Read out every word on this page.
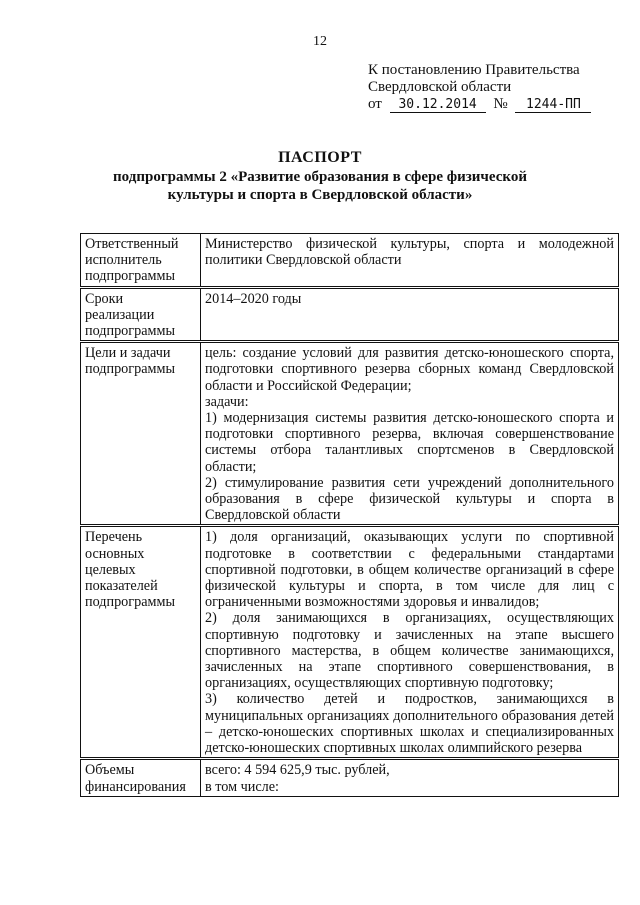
12
К постановлению Правительства
Свердловской области
от 30.12.2014 № 1244-ПП
ПАСПОРТ
подпрограммы 2 «Развитие образования в сфере физической
культуры и спорта в Свердловской области»
Ответственный исполнитель подпрограммы	Министерство физической культуры, спорта и молодежной политики Свердловской области

Сроки реализации подпрограммы	2014–2020 годы

Цели и задачи подпрограммы	цель: создание условий для развития детско-юношеского спорта, подготовки спортивного резерва сборных команд Свердловской области и Российской Федерации;

задачи:

1) модернизация системы развития детско-юношеского спорта и подготовки спортивного резерва, включая совершенствование системы отбора талантливых спортсменов в Свердловской области;

2) стимулирование развития сети учреждений дополнительного образования в сфере физической культуры и спорта в Свердловской области

Перечень основных целевых показателей подпрограммы	1) доля организаций, оказывающих услуги по спортивной подготовке в соответствии с федеральными стандартами спортивной подготовки, в общем количестве организаций в сфере физической культуры и спорта, в том числе для лиц с ограниченными возможностями здоровья и инвалидов;

2) доля занимающихся в организациях, осуществляющих спортивную подготовку и зачисленных на этапе высшего спортивного мастерства, в общем количестве занимающихся, зачисленных на этапе спортивного совершенствования, в организациях, осуществляющих спортивную подготовку;

3) количество детей и подростков, занимающихся в муниципальных организациях дополнительного образования детей – детско-юношеских спортивных школах и специализированных детско-юношеских спортивных школах олимпийского резерва

Объемы финансирования	всего: 4 594 625,9 тыс. рублей,

в том числе:
